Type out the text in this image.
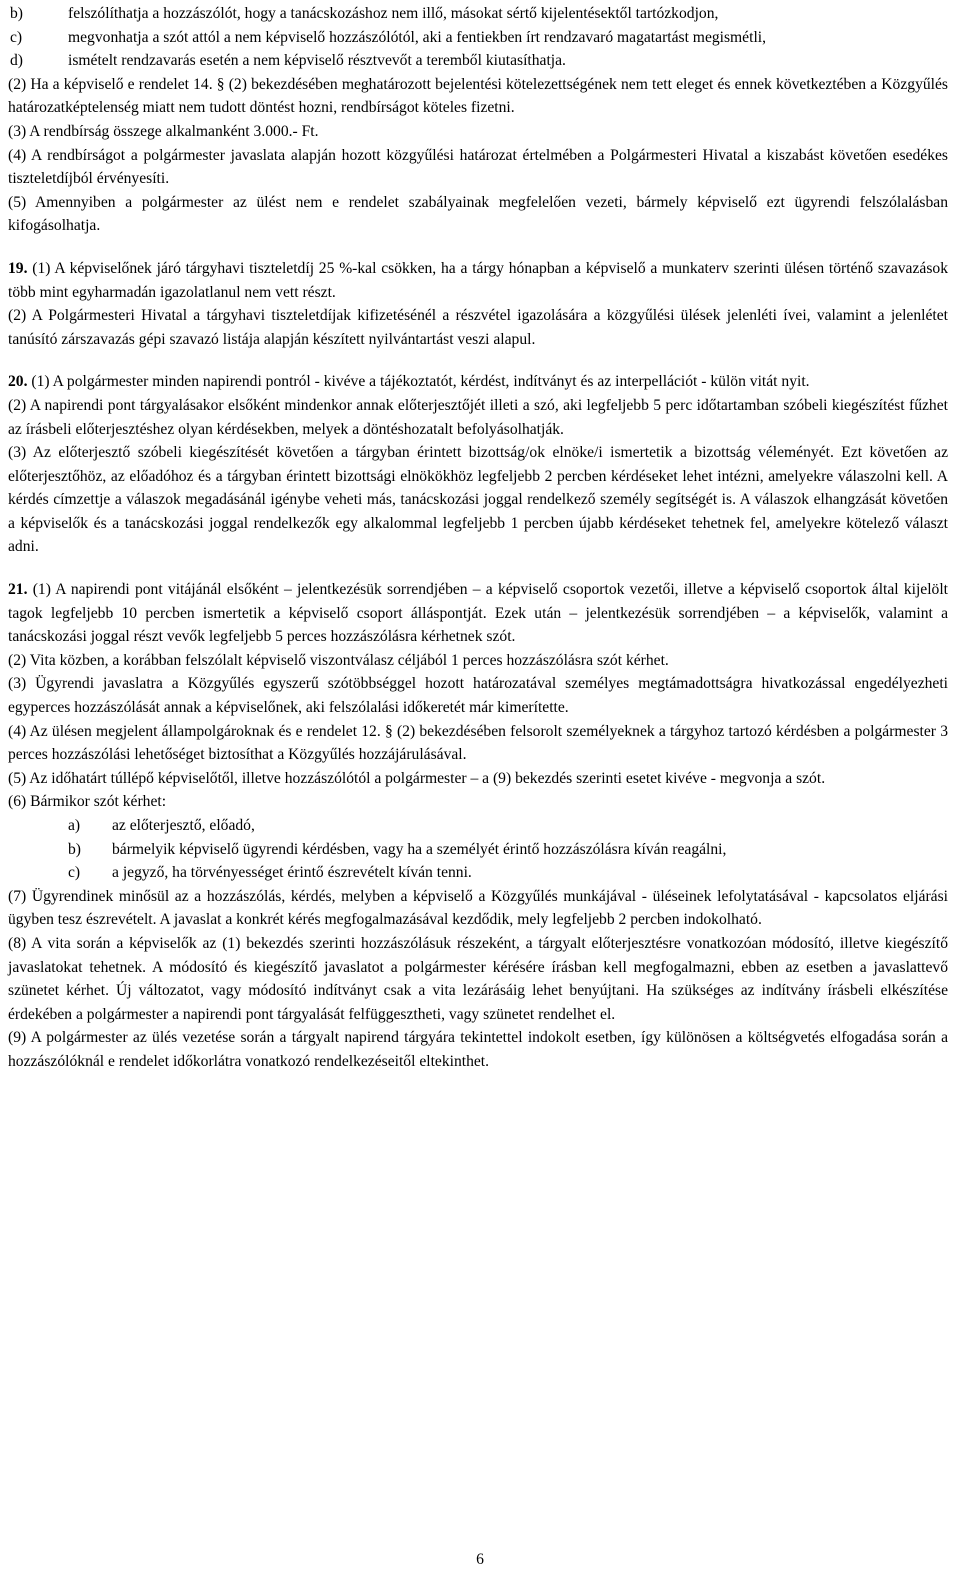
b)	felszólíthatja a hozzászólót, hogy a tanácskozáshoz nem illő, másokat sértő kijelentésektől tartózkodjon,
c)	megvonhatja a szót attól a nem képviselő hozzászólótól, aki a fentiekben írt rendzavaró magatartást megismétli,
d)	ismételt rendzavarás esetén a nem képviselő résztvevőt a teremből kiutasíthatja.

(2) Ha a képviselő e rendelet 14. § (2) bekezdésében meghatározott bejelentési kötelezettségének nem tett eleget és ennek következtében a Közgyűlés határozatképtelenség miatt nem tudott döntést hozni, rendbírságot köteles fizetni.

(3) A rendbírság összege alkalmanként 3.000.- Ft.

(4) A rendbírságot a polgármester javaslata alapján hozott közgyűlési határozat értelmében a Polgármesteri Hivatal a kiszabást követően esedékes tiszteletdíjból érvényesíti.

(5) Amennyiben a polgármester az ülést nem e rendelet szabályainak megfelelően vezeti, bármely képviselő ezt ügyrendi felszólalásban kifogásolhatja.

19. (1) A képviselőnek járó tárgyhavi tiszteletdíj 25 %-kal csökken, ha a tárgy hónapban a képviselő a munkaterv szerinti ülésen történő szavazások több mint egyharmadán igazolatlanul nem vett részt.

(2) A Polgármesteri Hivatal a tárgyhavi tiszteletdíjak kifizetésénél a részvétel igazolására a közgyűlési ülések jelenléti ívei, valamint a jelenlétet tanúsító zárszavazás gépi szavazó listája alapján készített nyilvántartást veszi alapul.

20. (1) A polgármester minden napirendi pontról - kivéve a tájékoztatót, kérdést, indítványt és az interpellációt - külön vitát nyit.

(2) A napirendi pont tárgyalásakor elsőként mindenkor annak előterjesztőjét illeti a szó, aki legfeljebb 5 perc időtartamban szóbeli kiegészítést fűzhet az írásbeli előterjesztéshez olyan kérdésekben, melyek a döntéshozatalt befolyásolhatják.

(3) Az előterjesztő szóbeli kiegészítését követően a tárgyban érintett bizottság/ok elnöke/i ismertetik a bizottság véleményét. Ezt követően az előterjesztőhöz, az előadóhoz és a tárgyban érintett bizottsági elnökökhöz legfeljebb 2 percben kérdéseket lehet intézni, amelyekre válaszolni kell. A kérdés címzettje a válaszok megadásánál igénybe veheti más, tanácskozási joggal rendelkező személy segítségét is. A válaszok elhangzását követően a képviselők és a tanácskozási joggal rendelkezők egy alkalommal legfeljebb 1 percben újabb kérdéseket tehetnek fel, amelyekre kötelező választ adni.

21. (1) A napirendi pont vitájánál elsőként – jelentkezésük sorrendjében – a képviselő csoportok vezetői, illetve a képviselő csoportok által kijelölt tagok legfeljebb 10 percben ismertetik a képviselő csoport álláspontját. Ezek után – jelentkezésük sorrendjében – a képviselők, valamint a tanácskozási joggal részt vevők legfeljebb 5 perces hozzászólásra kérhetnek szót.

(2) Vita közben, a korábban felszólalt képviselő viszontválasz céljából 1 perces hozzászólásra szót kérhet.

(3) Ügyrendi javaslatra a Közgyűlés egyszerű szótöbbséggel hozott határozatával személyes megtámadottságra hivatkozással engedélyezheti egyperces hozzászólását annak a képviselőnek, aki felszólalási időkeretét már kimerítette.

(4) Az ülésen megjelent állampolgároknak és e rendelet 12. § (2) bekezdésében felsorolt személyeknek a tárgyhoz tartozó kérdésben a polgármester 3 perces hozzászólási lehetőséget biztosíthat a Közgyűlés hozzájárulásával.

(5) Az időhatárt túllépő képviselőtől, illetve hozzászólótól a polgármester – a (9) bekezdés szerinti esetet kivéve - megvonja a szót.

(6) Bármikor szót kérhet:

a) az előterjesztő, előadó,
b) bármelyik képviselő ügyrendi kérdésben, vagy ha a személyét érintő hozzászólásra kíván reagálni,
c) a jegyző, ha törvényességet érintő észrevételt kíván tenni.

(7) Ügyrendinek minősül az a hozzászólás, kérdés, melyben a képviselő a Közgyűlés munkájával - üléseinek lefolytatásával - kapcsolatos eljárási ügyben tesz észrevételt. A javaslat a konkrét kérés megfogalmazásával kezdődik, mely legfeljebb 2 percben indokolható.

(8) A vita során a képviselők az (1) bekezdés szerinti hozzászólásuk részeként, a tárgyalt előterjesztésre vonatkozóan módosító, illetve kiegészítő javaslatokat tehetnek. A módosító és kiegészítő javaslatot a polgármester kérésére írásban kell megfogalmazni, ebben az esetben a javaslattevő szünetet kérhet. Új változatot, vagy módosító indítványt csak a vita lezárásáig lehet benyújtani. Ha szükséges az indítvány írásbeli elkészítése érdekében a polgármester a napirendi pont tárgyalását felfüggesztheti, vagy szünetet rendelhet el.

(9) A polgármester az ülés vezetése során a tárgyalt napirend tárgyára tekintettel indokolt esetben, így különösen a költségvetés elfogadása során a hozzászólóknál e rendelet időkorlátra vonatkozó rendelkezéseitől eltekinthet.

6
